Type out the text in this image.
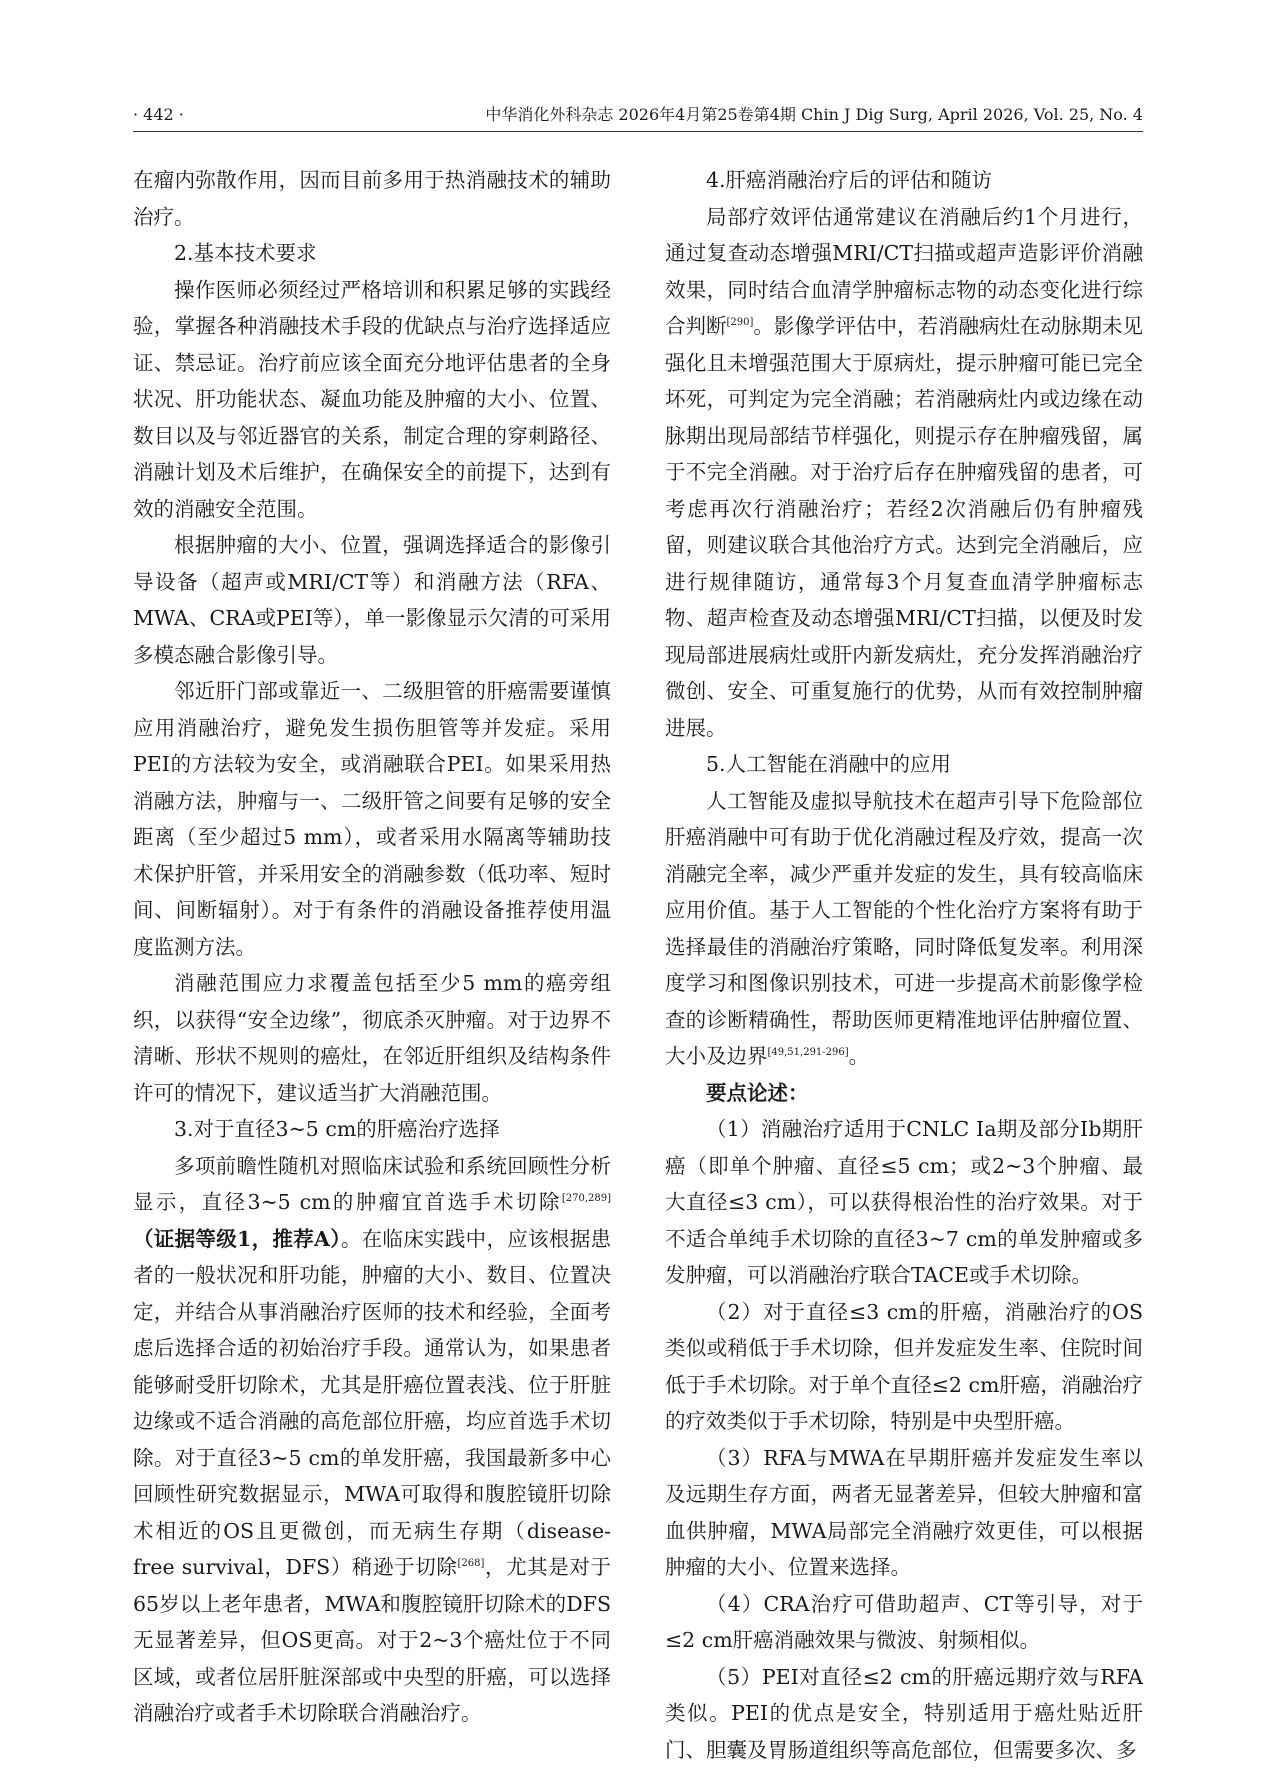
· 442 ·	中华消化外科杂志 2026年4月第25卷第4期 Chin J Dig Surg, April 2026, Vol. 25, No. 4

在瘤内弥散作用，因而目前多用于热消融技术的辅助治疗。

2.基本技术要求

操作医师必须经过严格培训和积累足够的实践经验，掌握各种消融技术手段的优缺点与治疗选择适应证、禁忌证。治疗前应该全面充分地评估患者的全身状况、肝功能状态、凝血功能及肿瘤的大小、位置、数目以及与邻近器官的关系，制定合理的穿刺路径、消融计划及术后维护，在确保安全的前提下，达到有效的消融安全范围。

根据肿瘤的大小、位置，强调选择适合的影像引导设备（超声或MRI/CT等）和消融方法（RFA、MWA、CRA或PEI等），单一影像显示欠清的可采用多模态融合影像引导。

邻近肝门部或靠近一、二级胆管的肝癌需要谨慎应用消融治疗，避免发生损伤胆管等并发症。采用PEI的方法较为安全，或消融联合PEI。如果采用热消融方法，肿瘤与一、二级肝管之间要有足够的安全距离（至少超过5 mm），或者采用水隔离等辅助技术保护肝管，并采用安全的消融参数（低功率、短时间、间断辐射）。对于有条件的消融设备推荐使用温度监测方法。

消融范围应力求覆盖包括至少5 mm的癌旁组织，以获得“安全边缘”，彻底杀灭肿瘤。对于边界不清晰、形状不规则的癌灶，在邻近肝组织及结构条件许可的情况下，建议适当扩大消融范围。

3.对于直径3~5 cm的肝癌治疗选择

多项前瞻性随机对照临床试验和系统回顾性分析显示，直径3~5 cm的肿瘤宜首选手术切除[270,289]（证据等级1，推荐A）。在临床实践中，应该根据患者的一般状况和肝功能，肿瘤的大小、数目、位置决定，并结合从事消融治疗医师的技术和经验，全面考虑后选择合适的初始治疗手段。通常认为，如果患者能够耐受肝切除术，尤其是肝癌位置表浅、位于肝脏边缘或不适合消融的高危部位肝癌，均应首选手术切除。对于直径3~5 cm的单发肝癌，我国最新多中心回顾性研究数据显示，MWA可取得和腹腔镜肝切除术相近的OS且更微创，而无病生存期（disease-free survival，DFS）稍逊于切除[268]，尤其是对于65岁以上老年患者，MWA和腹腔镜肝切除术的DFS无显著差异，但OS更高。对于2~3个癌灶位于不同区域，或者位居肝脏深部或中央型的肝癌，可以选择消融治疗或者手术切除联合消融治疗。

4.肝癌消融治疗后的评估和随访

局部疗效评估通常建议在消融后约1个月进行，通过复查动态增强MRI/CT扫描或超声造影评价消融效果，同时结合血清学肿瘤标志物的动态变化进行综合判断[290]。影像学评估中，若消融病灶在动脉期未见强化且未增强范围大于原病灶，提示肿瘤可能已完全坏死，可判定为完全消融；若消融病灶内或边缘在动脉期出现局部结节样强化，则提示存在肿瘤残留，属于不完全消融。对于治疗后存在肿瘤残留的患者，可考虑再次行消融治疗；若经2次消融后仍有肿瘤残留，则建议联合其他治疗方式。达到完全消融后，应进行规律随访，通常每3个月复查血清学肿瘤标志物、超声检查及动态增强MRI/CT扫描，以便及时发现局部进展病灶或肝内新发病灶，充分发挥消融治疗微创、安全、可重复施行的优势，从而有效控制肿瘤进展。

5.人工智能在消融中的应用

人工智能及虚拟导航技术在超声引导下危险部位肝癌消融中可有助于优化消融过程及疗效，提高一次消融完全率，减少严重并发症的发生，具有较高临床应用价值。基于人工智能的个性化治疗方案将有助于选择最佳的消融治疗策略，同时降低复发率。利用深度学习和图像识别技术，可进一步提高术前影像学检查的诊断精确性，帮助医师更精准地评估肿瘤位置、大小及边界[49,51,291-296]。

要点论述：

（1）消融治疗适用于CNLC Ⅰa期及部分Ⅰb期肝癌（即单个肿瘤、直径≤5 cm；或2~3个肿瘤、最大直径≤3 cm），可以获得根治性的治疗效果。对于不适合单纯手术切除的直径3~7 cm的单发肿瘤或多发肿瘤，可以消融治疗联合TACE或手术切除。

（2）对于直径≤3 cm的肝癌，消融治疗的OS类似或稍低于手术切除，但并发症发生率、住院时间低于手术切除。对于单个直径≤2 cm肝癌，消融治疗的疗效类似于手术切除，特别是中央型肝癌。

（3）RFA与MWA在早期肝癌并发症发生率以及远期生存方面，两者无显著差异，但较大肿瘤和富血供肿瘤，MWA局部完全消融疗效更佳，可以根据肿瘤的大小、位置来选择。

（4）CRA治疗可借助超声、CT等引导，对于≤2 cm肝癌消融效果与微波、射频相似。

（5）PEI对直径≤2 cm的肝癌远期疗效与RFA类似。PEI的优点是安全，特别适用于癌灶贴近肝门、胆囊及胃肠道组织等高危部位，但需要多次、多
